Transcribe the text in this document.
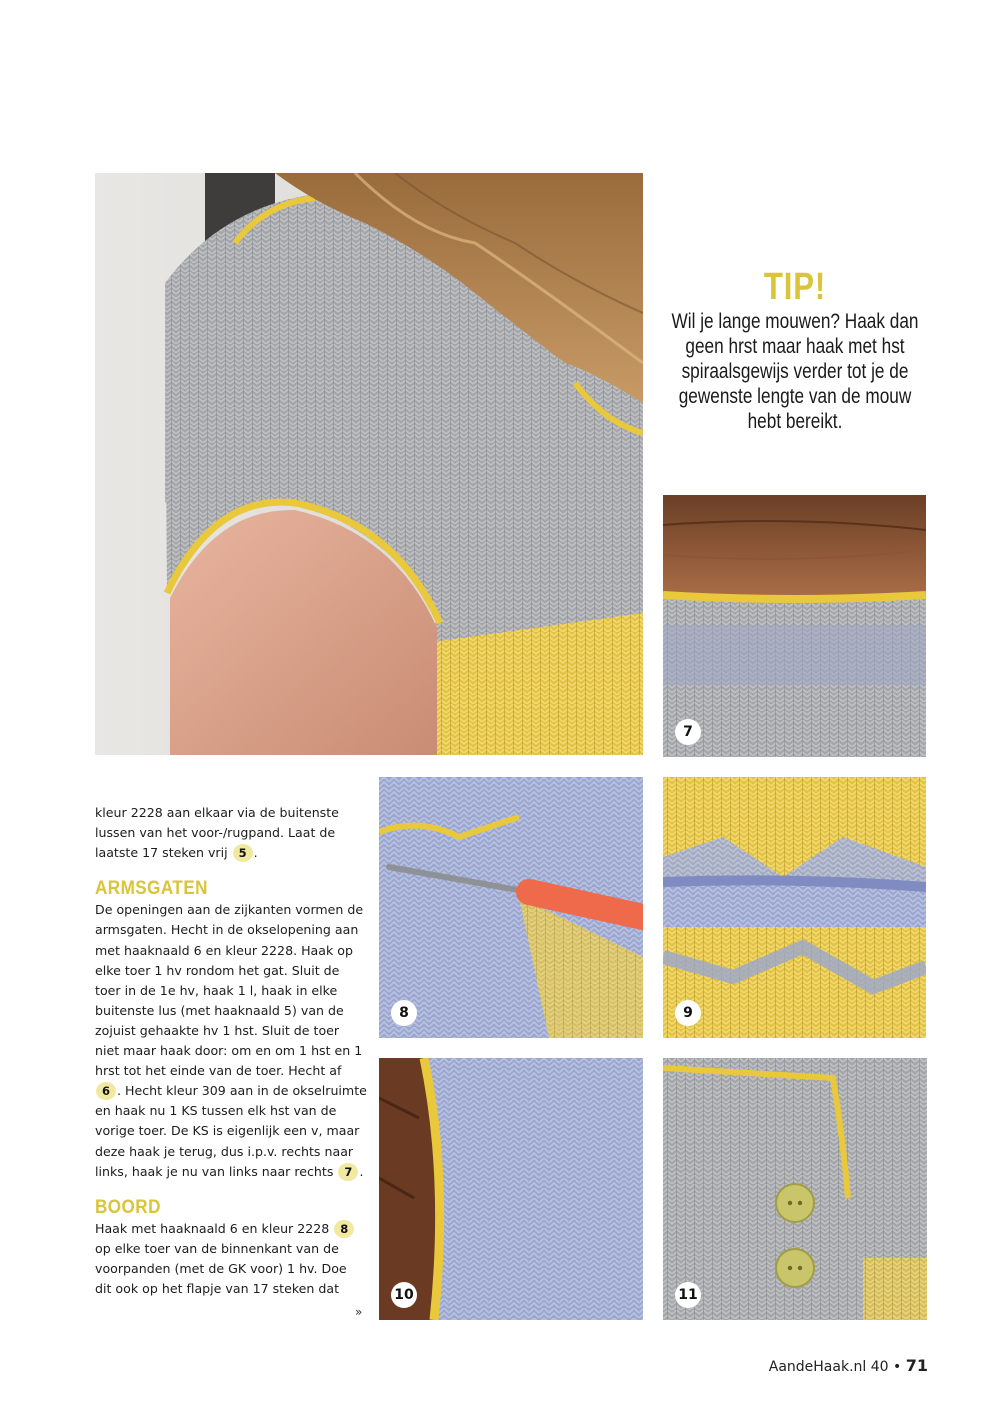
TIP!
Wil je lange mouwen? Haak dan geen hrst maar haak met hst spiraalsgewijs verder tot je de gewenste lengte van de mouw hebt bereikt.
7
8	9
10	11

kleur 2228 aan elkaar via de buitenste lussen van het voor-/rugpand. Laat de laatste 17 steken vrij 5 .

ARMSGATEN

De openingen aan de zijkanten vormen de armsgaten. Hecht in de okselopening aan met haaknaald 6 en kleur 2228. Haak op elke toer 1 hv rondom het gat. Sluit de toer in de 1e hv, haak 1 l, haak in elke buitenste lus (met haaknaald 5) van de zojuist gehaakte hv 1 hst. Sluit de toer niet maar haak door: om en om 1 hst en 1 hrst tot het einde van de toer. Hecht af 6 . Hecht kleur 309 aan in de okselruimte en haak nu 1 KS tussen elk hst van de vorige toer. De KS is eigenlijk een v, maar deze haak je terug, dus i.p.v. rechts naar links, haak je nu van links naar rechts 7 .

BOORD

Haak met haaknaald 6 en kleur 2228 8 op elke toer van de binnenkant van de voorpanden (met de GK voor) 1 hv. Doe dit ook op het flapje van 17 steken dat

»
AandeHaak.nl 40 • 71
